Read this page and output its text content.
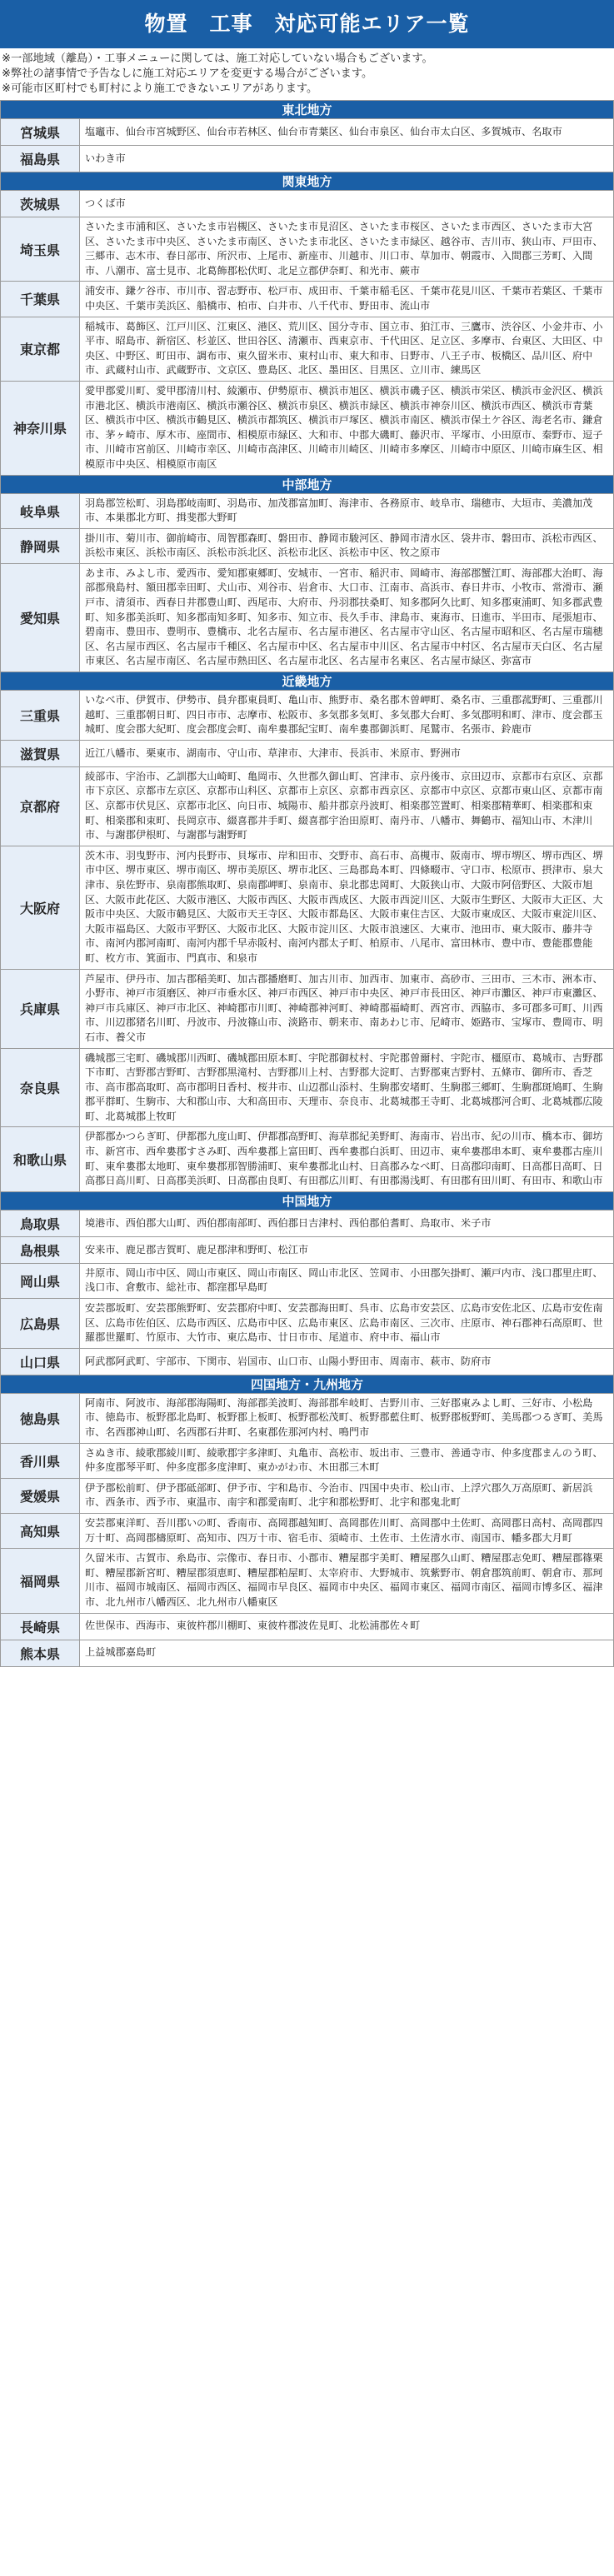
物置　工事　対応可能エリア一覧
※一部地域（離島）・工事メニューに関しては、施工対応していない場合もございます。
※弊社の諸事情で予告なしに施工対応エリアを変更する場合がございます。
※可能市区町村でも町村により施工できないエリアがあります。
東北地方	
宮城県	塩竈市、仙台市宮城野区、仙台市若林区、仙台市青葉区、仙台市泉区、仙台市太白区、多賀城市、名取市
福島県	いわき市
関東地方	
茨城県	つくば市
埼玉県	さいたま市浦和区、さいたま市岩槻区、さいたま市見沼区、さいたま市桜区、さいたま市西区、さいたま市大宮区、さいたま市中央区、さいたま市南区、さいたま市北区、さいたま市緑区、越谷市、吉川市、狭山市、戸田市、三郷市、志木市、春日部市、所沢市、上尾市、新座市、川越市、川口市、草加市、朝霞市、入間郡三芳町、入間市、八潮市、富士見市、北葛飾郡松伏町、北足立郡伊奈町、和光市、蕨市
千葉県	浦安市、鎌ケ谷市、市川市、習志野市、松戸市、成田市、千葉市稲毛区、千葉市花見川区、千葉市若葉区、千葉市中央区、千葉市美浜区、船橋市、柏市、白井市、八千代市、野田市、流山市
東京都	稲城市、葛飾区、江戸川区、江東区、港区、荒川区、国分寺市、国立市、狛江市、三鷹市、渋谷区、小金井市、小平市、昭島市、新宿区、杉並区、世田谷区、清瀬市、西東京市、千代田区、足立区、多摩市、台東区、大田区、中央区、中野区、町田市、調布市、東久留米市、東村山市、東大和市、日野市、八王子市、板橋区、品川区、府中市、武蔵村山市、武蔵野市、文京区、豊島区、北区、墨田区、目黒区、立川市、練馬区
神奈川県	愛甲郡愛川町、愛甲郡清川村、綾瀬市、伊勢原市、横浜市旭区、横浜市磯子区、横浜市栄区、横浜市金沢区、横浜市港北区、横浜市港南区、横浜市瀬谷区、横浜市泉区、横浜市緑区、横浜市神奈川区、横浜市西区、横浜市青葉区、横浜市中区、横浜市鶴見区、横浜市都筑区、横浜市戸塚区、横浜市南区、横浜市保土ケ谷区、海老名市、鎌倉市、茅ヶ崎市、厚木市、座間市、相模原市緑区、大和市、中郡大磯町、藤沢市、平塚市、小田原市、秦野市、逗子市、川崎市宮前区、川崎市幸区、川崎市高津区、川崎市川崎区、川崎市多摩区、川崎市中原区、川崎市麻生区、相模原市中央区、相模原市南区
中部地方	
岐阜県	羽島郡笠松町、羽島郡岐南町、羽島市、加茂郡富加町、海津市、各務原市、岐阜市、瑞穂市、大垣市、美濃加茂市、本巣郡北方町、揖斐郡大野町
静岡県	掛川市、菊川市、御前崎市、周智郡森町、磐田市、静岡市駿河区、静岡市清水区、袋井市、磐田市、浜松市西区、浜松市東区、浜松市南区、浜松市浜北区、浜松市北区、浜松市中区、牧之原市
愛知県	あま市、みよし市、愛西市、愛知郡東郷町、安城市、一宮市、稲沢市、岡崎市、海部郡蟹江町、海部郡大治町、海部郡飛島村、額田郡幸田町、犬山市、刈谷市、岩倉市、大口市、江南市、高浜市、春日井市、小牧市、常滑市、瀬戸市、清須市、西春日井郡豊山町、西尾市、大府市、丹羽郡扶桑町、知多郡阿久比町、知多郡東浦町、知多郡武豊町、知多郡美浜町、知多郡南知多町、知多市、知立市、長久手市、津島市、東海市、日進市、半田市、尾張旭市、碧南市、豊田市、豊明市、豊橋市、北名古屋市、名古屋市港区、名古屋市守山区、名古屋市昭和区、名古屋市瑞穂区、名古屋市西区、名古屋市千種区、名古屋市中区、名古屋市中川区、名古屋市中村区、名古屋市天白区、名古屋市東区、名古屋市南区、名古屋市熱田区、名古屋市北区、名古屋市名東区、名古屋市緑区、弥富市
近畿地方	
三重県	いなべ市、伊賀市、伊勢市、員弁郡東員町、亀山市、熊野市、桑名郡木曽岬町、桑名市、三重郡菰野町、三重郡川越町、三重郡朝日町、四日市市、志摩市、松阪市、多気郡多気町、多気郡大台町、多気郡明和町、津市、度会郡玉城町、度会郡大紀町、度会郡度会町、南牟婁郡紀宝町、南牟婁郡御浜町、尾鷲市、名張市、鈴鹿市
滋賀県	近江八幡市、栗東市、湖南市、守山市、草津市、大津市、長浜市、米原市、野洲市
京都府	綾部市、宇治市、乙訓郡大山崎町、亀岡市、久世郡久御山町、宮津市、京丹後市、京田辺市、京都市右京区、京都市下京区、京都市左京区、京都市山科区、京都市上京区、京都市西京区、京都市中京区、京都市東山区、京都市南区、京都市伏見区、京都市北区、向日市、城陽市、船井郡京丹波町、相楽郡笠置町、相楽郡精華町、相楽郡和束町、相楽郡和束町、長岡京市、綴喜郡井手町、綴喜郡宇治田原町、南丹市、八幡市、舞鶴市、福知山市、木津川市、与謝郡伊根町、与謝郡与謝野町
大阪府	茨木市、羽曳野市、河内長野市、貝塚市、岸和田市、交野市、高石市、高槻市、阪南市、堺市堺区、堺市西区、堺市中区、堺市東区、堺市南区、堺市美原区、堺市北区、三島郡島本町、四條畷市、守口市、松原市、摂津市、泉大津市、泉佐野市、泉南郡熊取町、泉南郡岬町、泉南市、泉北郡忠岡町、大阪狭山市、大阪市阿倍野区、大阪市旭区、大阪市此花区、大阪市港区、大阪市西区、大阪市西成区、大阪市西淀川区、大阪市生野区、大阪市大正区、大阪市中央区、大阪市鶴見区、大阪市天王寺区、大阪市都島区、大阪市東住吉区、大阪市東成区、大阪市東淀川区、大阪市福島区、大阪市平野区、大阪市北区、大阪市淀川区、大阪市浪速区、大東市、池田市、東大阪市、藤井寺市、南河内郡河南町、南河内郡千早赤阪村、南河内郡太子町、柏原市、八尾市、富田林市、豊中市、豊能郡豊能町、枚方市、箕面市、門真市、和泉市
兵庫県	芦屋市、伊丹市、加古郡稲美町、加古郡播磨町、加古川市、加西市、加東市、高砂市、三田市、三木市、洲本市、小野市、神戸市須磨区、神戸市垂水区、神戸市西区、神戸市中央区、神戸市長田区、神戸市灘区、神戸市東灘区、神戸市兵庫区、神戸市北区、神崎郡市川町、神崎郡神河町、神崎郡福崎町、西宮市、西脇市、多可郡多可町、川西市、川辺郡猪名川町、丹波市、丹波篠山市、淡路市、朝来市、南あわじ市、尼崎市、姫路市、宝塚市、豊岡市、明石市、養父市
奈良県	磯城郡三宅町、磯城郡川西町、磯城郡田原本町、宇陀郡御杖村、宇陀郡曽爾村、宇陀市、橿原市、葛城市、吉野郡下市町、吉野郡吉野町、吉野郡黒滝村、吉野郡川上村、吉野郡大淀町、吉野郡東吉野村、五條市、御所市、香芝市、高市郡高取町、高市郡明日香村、桜井市、山辺郡山添村、生駒郡安堵町、生駒郡三郷町、生駒郡斑鳩町、生駒郡平群町、生駒市、大和郡山市、大和高田市、天理市、奈良市、北葛城郡王寺町、北葛城郡河合町、北葛城郡広陵町、北葛城郡上牧町
和歌山県	伊都郡かつらぎ町、伊都郡九度山町、伊都郡高野町、海草郡紀美野町、海南市、岩出市、紀の川市、橋本市、御坊市、新宮市、西牟婁郡すさみ町、西牟婁郡上富田町、西牟婁郡白浜町、田辺市、東牟婁郡串本町、東牟婁郡古座川町、東牟婁郡太地町、東牟婁郡那智勝浦町、東牟婁郡北山村、日高郡みなべ町、日高郡印南町、日高郡日高町、日高郡日高川町、日高郡美浜町、日高郡由良町、有田郡広川町、有田郡湯浅町、有田郡有田川町、有田市、和歌山市
中国地方	
鳥取県	境港市、西伯郡大山町、西伯郡南部町、西伯郡日吉津村、西伯郡伯耆町、鳥取市、米子市
島根県	安来市、鹿足郡吉賀町、鹿足郡津和野町、松江市
岡山県	井原市、岡山市中区、岡山市東区、岡山市南区、岡山市北区、笠岡市、小田郡矢掛町、瀬戸内市、浅口郡里庄町、浅口市、倉敷市、総社市、都窪郡早島町
広島県	安芸郡坂町、安芸郡熊野町、安芸郡府中町、安芸郡海田町、呉市、広島市安芸区、広島市安佐北区、広島市安佐南区、広島市佐伯区、広島市西区、広島市中区、広島市東区、広島市南区、三次市、庄原市、神石郡神石高原町、世羅郡世羅町、竹原市、大竹市、東広島市、廿日市市、尾道市、府中市、福山市
山口県	阿武郡阿武町、宇部市、下関市、岩国市、山口市、山陽小野田市、周南市、萩市、防府市
四国地方・九州地方	
徳島県	阿南市、阿波市、海部郡海陽町、海部郡美波町、海部郡牟岐町、吉野川市、三好郡東みよし町、三好市、小松島市、徳島市、板野郡北島町、板野郡上板町、板野郡松茂町、板野郡藍住町、板野郡板野町、美馬郡つるぎ町、美馬市、名西郡神山町、名西郡石井町、名東郡佐那河内村、鳴門市
香川県	さぬき市、綾歌郡綾川町、綾歌郡宇多津町、丸亀市、高松市、坂出市、三豊市、善通寺市、仲多度郡まんのう町、仲多度郡琴平町、仲多度郡多度津町、東かがわ市、木田郡三木町
愛媛県	伊予郡松前町、伊予郡砥部町、伊予市、宇和島市、今治市、四国中央市、松山市、上浮穴郡久万高原町、新居浜市、西条市、西予市、東温市、南宇和郡愛南町、北宇和郡松野町、北宇和郡鬼北町
高知県	安芸郡東洋町、吾川郡いの町、香南市、高岡郡越知町、高岡郡佐川町、高岡郡中土佐町、高岡郡日高村、高岡郡四万十町、高岡郡檮原町、高知市、四万十市、宿毛市、須崎市、土佐市、土佐清水市、南国市、幡多郡大月町
福岡県	久留米市、古賀市、糸島市、宗像市、春日市、小郡市、糟屋郡宇美町、糟屋郡久山町、糟屋郡志免町、糟屋郡篠栗町、糟屋郡新宮町、糟屋郡須恵町、糟屋郡粕屋町、太宰府市、大野城市、筑紫野市、朝倉郡筑前町、朝倉市、那珂川市、福岡市城南区、福岡市西区、福岡市早良区、福岡市中央区、福岡市東区、福岡市南区、福岡市博多区、福津市、北九州市八幡西区、北九州市八幡東区
長崎県	佐世保市、西海市、東彼杵郡川棚町、東彼杵郡波佐見町、北松浦郡佐々町
熊本県	上益城郡嘉島町
